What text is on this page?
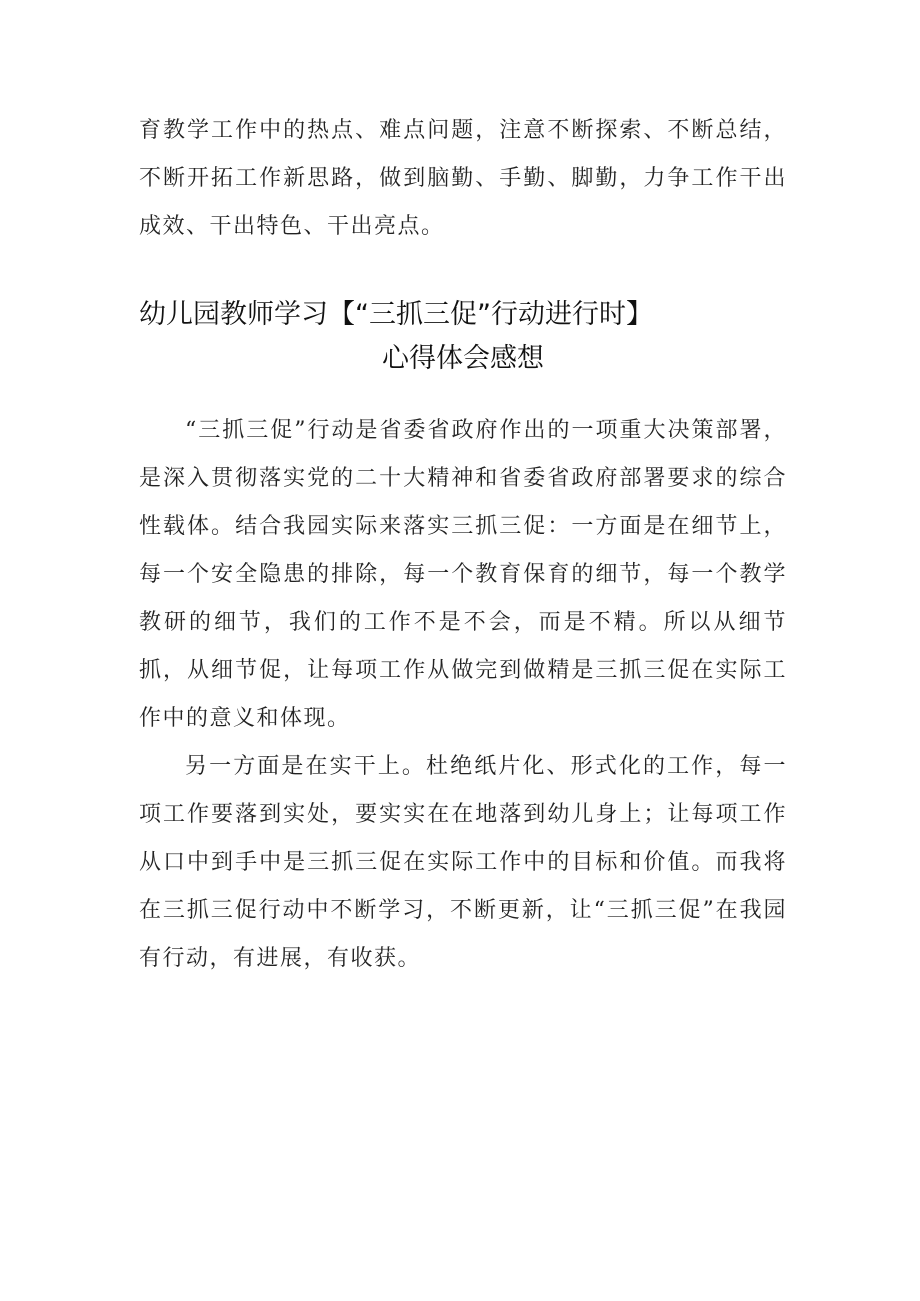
育教学工作中的热点、难点问题，注意不断探索、不断总结，不断开拓工作新思路，做到脑勤、手勤、脚勤，力争工作干出成效、干出特色、干出亮点。

幼儿园教师学习【“三抓三促”行动进行时】
心得体会感想

“三抓三促”行动是省委省政府作出的一项重大决策部署，是深入贯彻落实党的二十大精神和省委省政府部署要求的综合性载体。结合我园实际来落实三抓三促：一方面是在细节上，每一个安全隐患的排除，每一个教育保育的细节，每一个教学教研的细节，我们的工作不是不会，而是不精。所以从细节抓，从细节促，让每项工作从做完到做精是三抓三促在实际工作中的意义和体现。

另一方面是在实干上。杜绝纸片化、形式化的工作，每一项工作要落到实处，要实实在在地落到幼儿身上；让每项工作从口中到手中是三抓三促在实际工作中的目标和价值。而我将在三抓三促行动中不断学习，不断更新，让“三抓三促”在我园有行动，有进展，有收获。
